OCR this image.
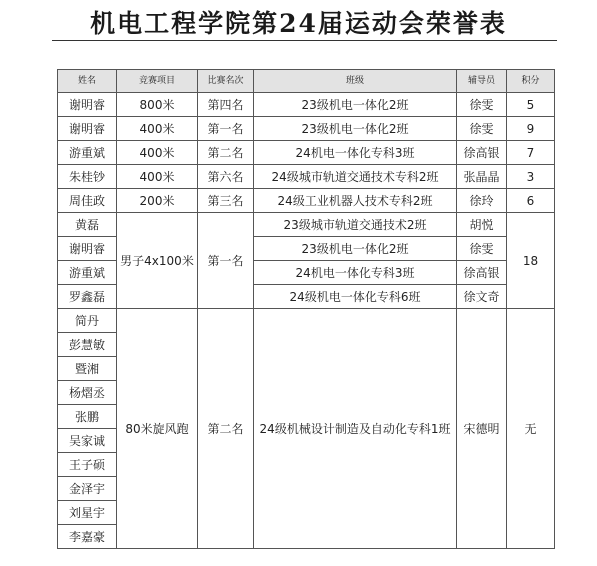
机电工程学院第24届运动会荣誉表
姓名	竞赛项目	比赛名次	班级	辅导员	积分
谢明睿	800米	第四名	23级机电一体化2班	徐雯	5
谢明睿	400米	第一名	23级机电一体化2班	徐雯	9
游重斌	400米	第二名	24机电一体化专科3班	徐高银	7
朱桂钞	400米	第六名	24级城市轨道交通技术专科2班	张晶晶	3
周佳政	200米	第三名	24级工业机器人技术专科2班	徐玲	6
黄磊	男子4x100米	第一名	23级城市轨道交通技术2班	胡悦	18
谢明睿			23级机电一体化2班	徐雯	
游重斌			24机电一体化专科3班	徐高银	
罗鑫磊			24级机电一体化专科6班	徐文奇	
简丹	80米旋风跑	第二名	24级机械设计制造及自动化专科1班	宋德明	无
彭慧敏					
暨湘					
杨熠丞					
张鹏					
吴家诚					
王子硕					
金泽宇					
刘星宇					
李嘉豪					
